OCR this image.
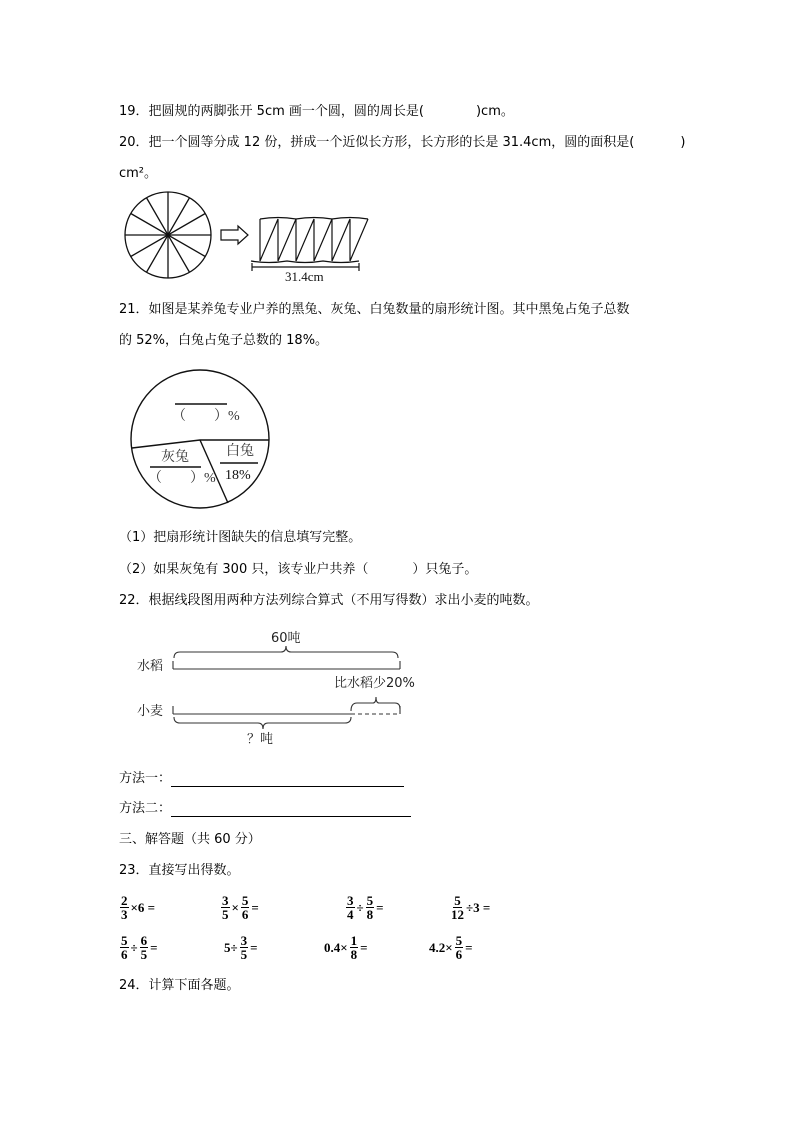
19．把圆规的两脚张开 5cm 画一个圆，圆的周长是(	)cm。
20．把一个圆等分成 12 份，拼成一个近似长方形，长方形的长是 31.4cm，圆的面积是(	)
cm²。
31.4cm
21．如图是某养兔专业户养的黑兔、灰兔、白兔数量的扇形统计图。其中黑兔占兔子总数
的 52%，白兔占兔子总数的 18%。
（　　）%
灰兔
（　　）%
白兔
18%
（1）把扇形统计图缺失的信息填写完整。
（2）如果灰兔有 300 只，该专业户共养（	）只兔子。
22．根据线段图用两种方法列综合算式（不用写得数）求出小麦的吨数。
60吨
水稻
比水稻少20%
小麦
？吨
方法一：
方法二：
三、解答题（共 60 分）
23．直接写出得数。
$\frac{2}{3} \times 6$ =	$\frac{3}{5} \times \frac{5}{6}$ =	$\frac{3}{4} \div \frac{5}{8}$ =	$\frac{5}{12} \div 3$ =
$\frac{5}{6} \div \frac{6}{5}$ =	$5\div \frac{3}{5}$ =	$0.4\times \frac{1}{8}$ =	$4.2\times \frac{5}{6}$ =
24．计算下面各题。
